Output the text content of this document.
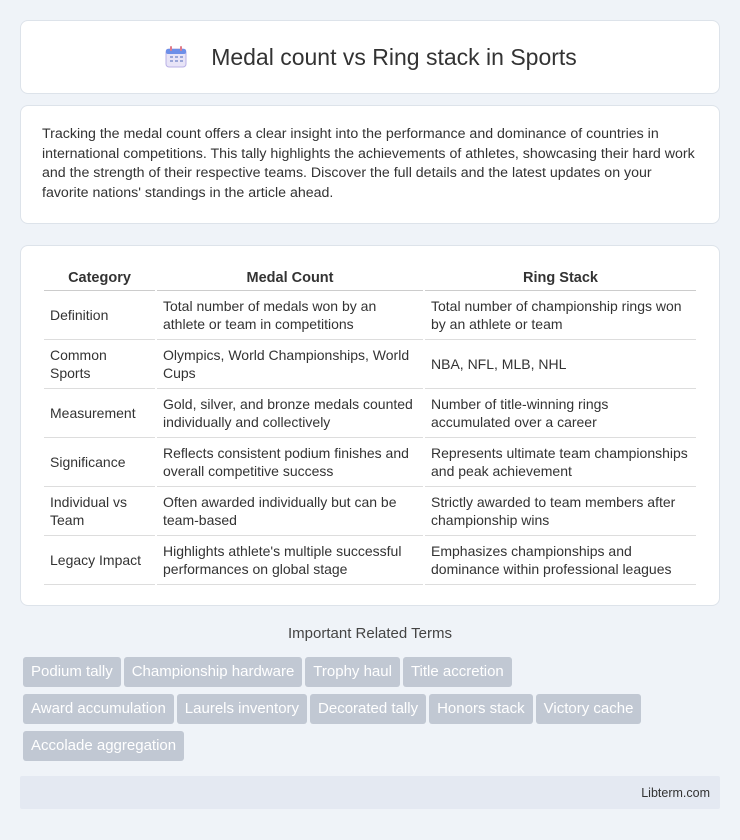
Medal count vs Ring stack in Sports

Tracking the medal count offers a clear insight into the performance and dominance of countries in international competitions. This tally highlights the achievements of athletes, showcasing their hard work and the strength of their respective teams. Discover the full details and the latest updates on your favorite nations' standings in the article ahead.

Category	Medal Count	Ring Stack
Definition	Total number of medals won by an athlete or team in competitions	Total number of championship rings won by an athlete or team
Common Sports	Olympics, World Championships, World Cups	NBA, NFL, MLB, NHL
Measurement	Gold, silver, and bronze medals counted individually and collectively	Number of title-winning rings accumulated over a career
Significance	Reflects consistent podium finishes and overall competitive success	Represents ultimate team championships and peak achievement
Individual vs Team	Often awarded individually but can be team-based	Strictly awarded to team members after championship wins
Legacy Impact	Highlights athlete's multiple successful performances on global stage	Emphasizes championships and dominance within professional leagues
Important Related Terms
Podium tally Championship hardware Trophy haul Title accretion
Award accumulation Laurels inventory Decorated tally Honors stack Victory cache
Accolade aggregation
Libterm.com
